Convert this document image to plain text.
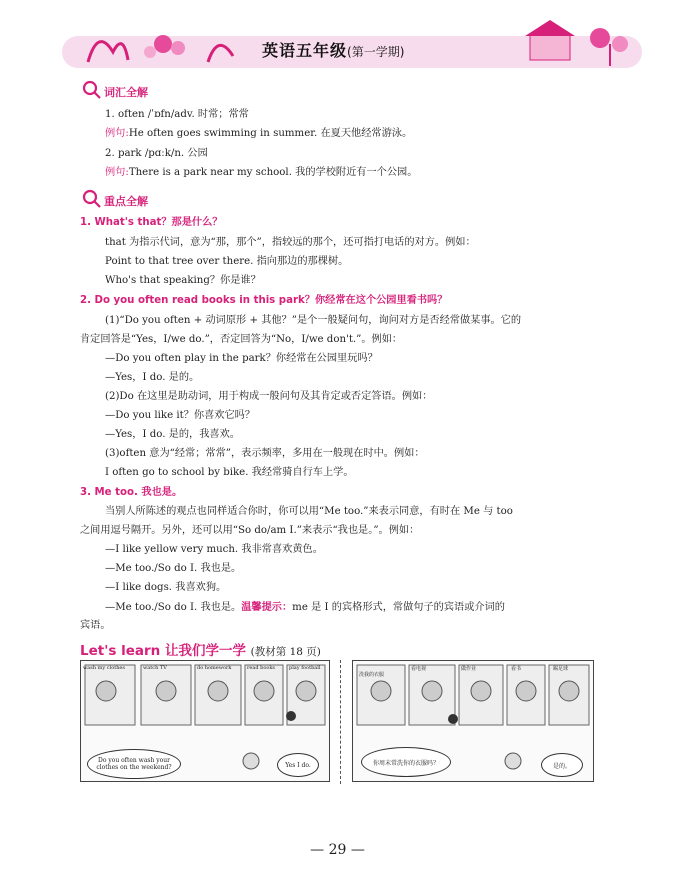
英语五年级(第一学期)
词汇全解
1. often /ˈɒfn/adv. 时常；常常
例句:He often goes swimming in summer. 在夏天他经常游泳。
2. park /pɑːk/n. 公园
例句:There is a park near my school. 我的学校附近有一个公园。
重点全解
1. What's that？那是什么？
that 为指示代词，意为“那，那个”，指较远的那个，还可指打电话的对方。例如：
Point to that tree over there. 指向那边的那棵树。
Who's that speaking？你是谁？
2. Do you often read books in this park？你经常在这个公园里看书吗？
(1)“Do you often + 动词原形 + 其他？”是个一般疑问句，询问对方是否经常做某事。它的
肯定回答是“Yes，I/we do.”，否定回答为“No，I/we don't.”。例如：
—Do you often play in the park？你经常在公园里玩吗？
—Yes，I do. 是的。
(2)Do 在这里是助动词，用于构成一般问句及其肯定或否定答语。例如：
—Do you like it？你喜欢它吗？
—Yes，I do. 是的，我喜欢。
(3)often 意为“经常；常常”，表示频率，多用在一般现在时中。例如：
I often go to school by bike. 我经常骑自行车上学。
3. Me too. 我也是。
当别人所陈述的观点也同样适合你时，你可以用“Me too.”来表示同意，有时在 Me 与 too
之间用逗号隔开。另外，还可以用“So do/am I.”来表示“我也是。”。例如：
—I like yellow very much. 我非常喜欢黄色。
—Me too./So do I. 我也是。
—I like dogs. 我喜欢狗。
—Me too./So do I. 我也是。温馨提示：me 是 I 的宾格形式，常做句子的宾语或介词的
宾语。
Let's learn 让我们学一学 (教材第 18 页)
wash my clothes	watch TV	do homework	read books	play football
Do you often wash your clothes on the weekend?	Yes I do.
洗我的衣服
看电视	做作业	看书	踢足球
你周末常洗你的衣服吗？	是的。
— 29 —
